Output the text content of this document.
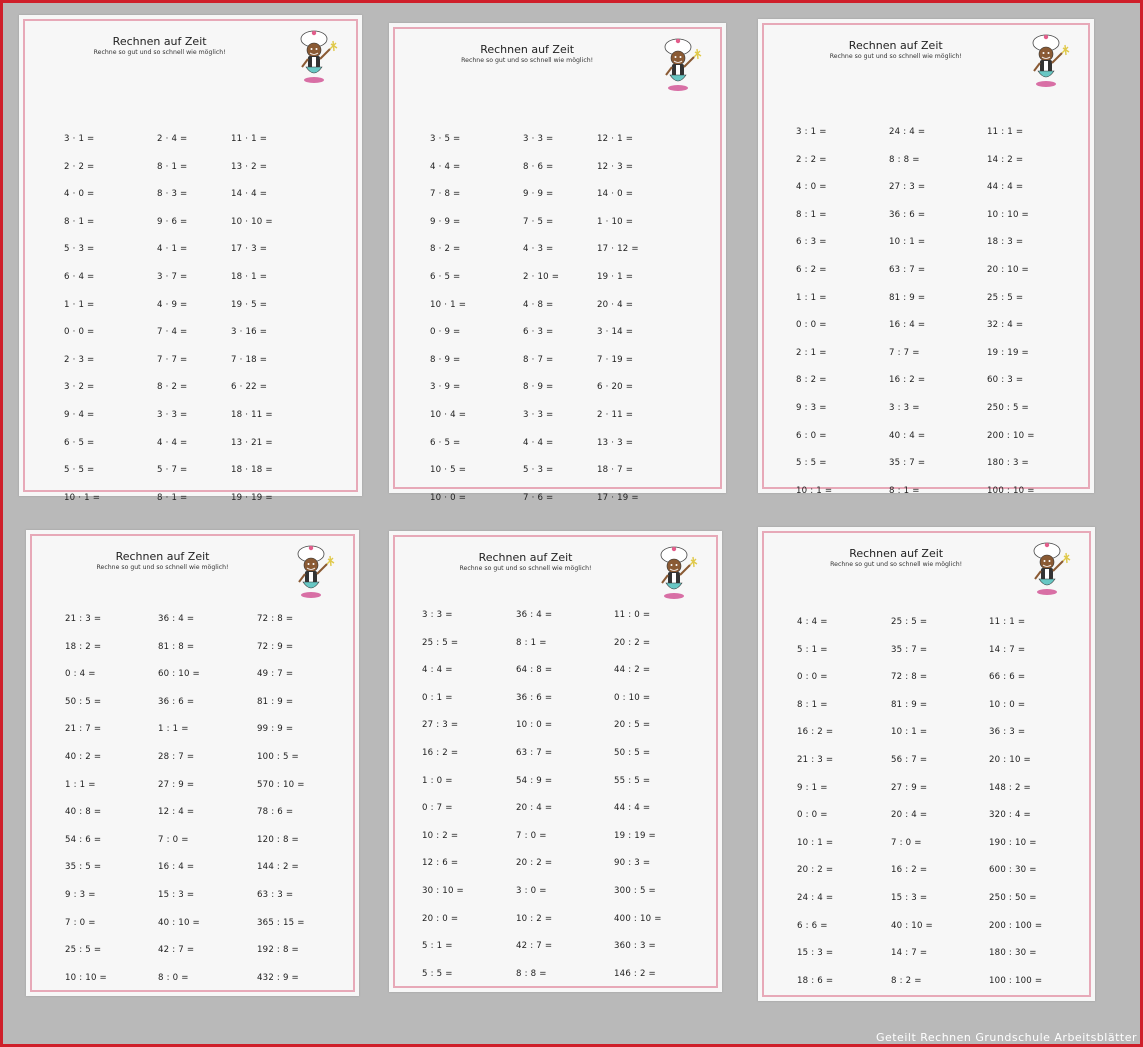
Rechnen auf Zeit
Rechne so gut und so schnell wie möglich!
3 · 1 =
2 · 2 =
4 · 0 =
8 · 1 =
5 · 3 =
6 · 4 =
1 · 1 =
0 · 0 =
2 · 3 =
3 · 2 =
9 · 4 =
6 · 5 =
5 · 5 =
10 · 1 =
2 · 4 =
8 · 1 =
8 · 3 =
9 · 6 =
4 · 1 =
3 · 7 =
4 · 9 =
7 · 4 =
7 · 7 =
8 · 2 =
3 · 3 =
4 · 4 =
5 · 7 =
8 · 1 =
11 · 1 =
13 · 2 =
14 · 4 =
10 · 10 =
17 · 3 =
18 · 1 =
19 · 5 =
3 · 16 =
7 · 18 =
6 · 22 =
18 · 11 =
13 · 21 =
18 · 18 =
19 · 19 =
Rechnen auf Zeit
Rechne so gut und so schnell wie möglich!
3 · 5 =
4 · 4 =
7 · 8 =
9 · 9 =
8 · 2 =
6 · 5 =
10 · 1 =
0 · 9 =
8 · 9 =
3 · 9 =
10 · 4 =
6 · 5 =
10 · 5 =
10 · 0 =
3 · 3 =
8 · 6 =
9 · 9 =
7 · 5 =
4 · 3 =
2 · 10 =
4 · 8 =
6 · 3 =
8 · 7 =
8 · 9 =
3 · 3 =
4 · 4 =
5 · 3 =
7 · 6 =
12 · 1 =
12 · 3 =
14 · 0 =
1 · 10 =
17 · 12 =
19 · 1 =
20 · 4 =
3 · 14 =
7 · 19 =
6 · 20 =
2 · 11 =
13 · 3 =
18 · 7 =
17 · 19 =
Rechnen auf Zeit
Rechne so gut und so schnell wie möglich!
3 : 1 =
2 : 2 =
4 : 0 =
8 : 1 =
6 : 3 =
6 : 2 =
1 : 1 =
0 : 0 =
2 : 1 =
8 : 2 =
9 : 3 =
6 : 0 =
5 : 5 =
10 : 1 =
24 : 4 =
8 : 8 =
27 : 3 =
36 : 6 =
10 : 1 =
63 : 7 =
81 : 9 =
16 : 4 =
7 : 7 =
16 : 2 =
3 : 3 =
40 : 4 =
35 : 7 =
8 : 1 =
11 : 1 =
14 : 2 =
44 : 4 =
10 : 10 =
18 : 3 =
20 : 10 =
25 : 5 =
32 : 4 =
19 : 19 =
60 : 3 =
250 : 5 =
200 : 10 =
180 : 3 =
100 : 10 =
Rechnen auf Zeit
Rechne so gut und so schnell wie möglich!
21 : 3 =
18 : 2 =
0 : 4 =
50 : 5 =
21 : 7 =
40 : 2 =
1 : 1 =
40 : 8 =
54 : 6 =
35 : 5 =
9 : 3 =
7 : 0 =
25 : 5 =
10 : 10 =
36 : 4 =
81 : 8 =
60 : 10 =
36 : 6 =
1 : 1 =
28 : 7 =
27 : 9 =
12 : 4 =
7 : 0 =
16 : 4 =
15 : 3 =
40 : 10 =
42 : 7 =
8 : 0 =
72 : 8 =
72 : 9 =
49 : 7 =
81 : 9 =
99 : 9 =
100 : 5 =
570 : 10 =
78 : 6 =
120 : 8 =
144 : 2 =
63 : 3 =
365 : 15 =
192 : 8 =
432 : 9 =
Rechnen auf Zeit
Rechne so gut und so schnell wie möglich!
3 : 3 =
25 : 5 =
4 : 4 =
0 : 1 =
27 : 3 =
16 : 2 =
1 : 0 =
0 : 7 =
10 : 2 =
12 : 6 =
30 : 10 =
20 : 0 =
5 : 1 =
5 : 5 =
36 : 4 =
8 : 1 =
64 : 8 =
36 : 6 =
10 : 0 =
63 : 7 =
54 : 9 =
20 : 4 =
7 : 0 =
20 : 2 =
3 : 0 =
10 : 2 =
42 : 7 =
8 : 8 =
11 : 0 =
20 : 2 =
44 : 2 =
0 : 10 =
20 : 5 =
50 : 5 =
55 : 5 =
44 : 4 =
19 : 19 =
90 : 3 =
300 : 5 =
400 : 10 =
360 : 3 =
146 : 2 =
Rechnen auf Zeit
Rechne so gut und so schnell wie möglich!
4 : 4 =
5 : 1 =
0 : 0 =
8 : 1 =
16 : 2 =
21 : 3 =
9 : 1 =
0 : 0 =
10 : 1 =
20 : 2 =
24 : 4 =
6 : 6 =
15 : 3 =
18 : 6 =
25 : 5 =
35 : 7 =
72 : 8 =
81 : 9 =
10 : 1 =
56 : 7 =
27 : 9 =
20 : 4 =
7 : 0 =
16 : 2 =
15 : 3 =
40 : 10 =
14 : 7 =
8 : 2 =
11 : 1 =
14 : 7 =
66 : 6 =
10 : 0 =
36 : 3 =
20 : 10 =
148 : 2 =
320 : 4 =
190 : 10 =
600 : 30 =
250 : 50 =
200 : 100 =
180 : 30 =
100 : 100 =
Geteilt Rechnen Grundschule Arbeitsblätter
